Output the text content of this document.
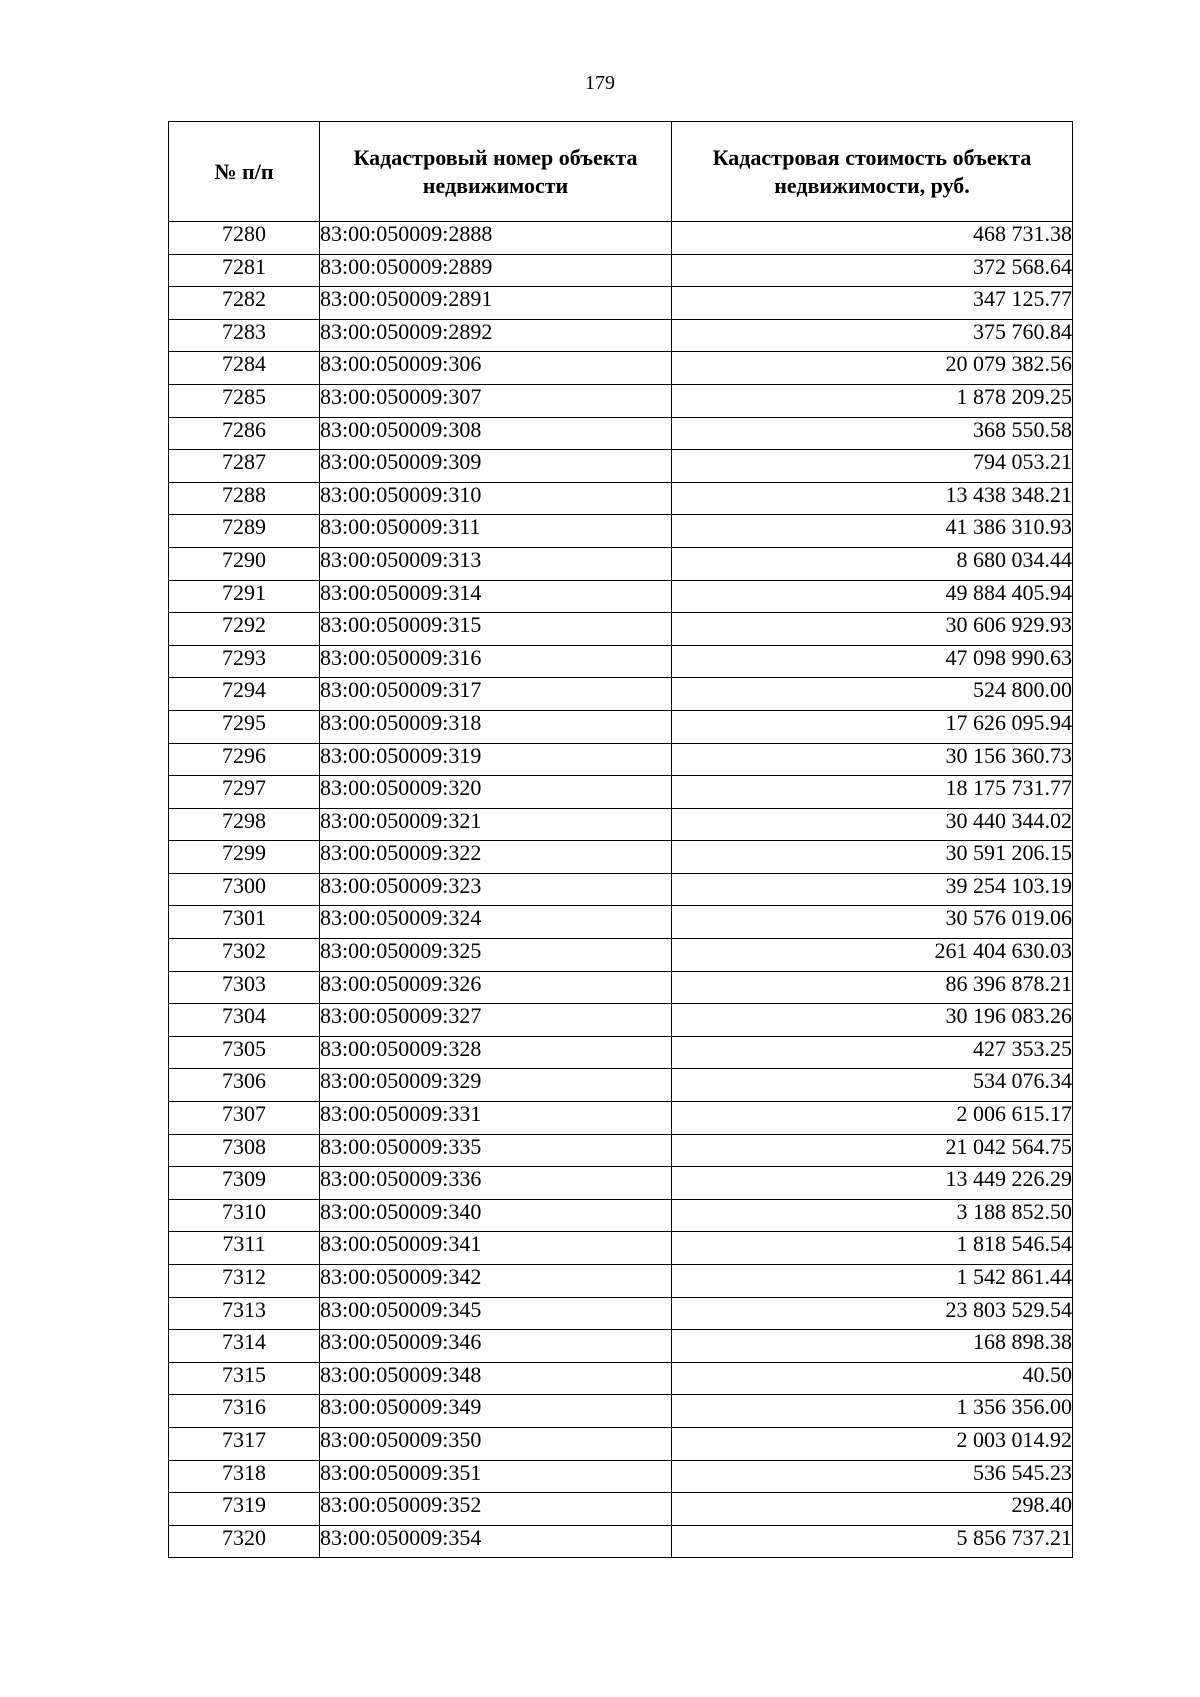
179
№ п/п	Кадастровый номер объекта недвижимости	Кадастровая стоимость объекта недвижимости, руб.
7280	83:00:050009:2888	468 731.38
7281	83:00:050009:2889	372 568.64
7282	83:00:050009:2891	347 125.77
7283	83:00:050009:2892	375 760.84
7284	83:00:050009:306	20 079 382.56
7285	83:00:050009:307	1 878 209.25
7286	83:00:050009:308	368 550.58
7287	83:00:050009:309	794 053.21
7288	83:00:050009:310	13 438 348.21
7289	83:00:050009:311	41 386 310.93
7290	83:00:050009:313	8 680 034.44
7291	83:00:050009:314	49 884 405.94
7292	83:00:050009:315	30 606 929.93
7293	83:00:050009:316	47 098 990.63
7294	83:00:050009:317	524 800.00
7295	83:00:050009:318	17 626 095.94
7296	83:00:050009:319	30 156 360.73
7297	83:00:050009:320	18 175 731.77
7298	83:00:050009:321	30 440 344.02
7299	83:00:050009:322	30 591 206.15
7300	83:00:050009:323	39 254 103.19
7301	83:00:050009:324	30 576 019.06
7302	83:00:050009:325	261 404 630.03
7303	83:00:050009:326	86 396 878.21
7304	83:00:050009:327	30 196 083.26
7305	83:00:050009:328	427 353.25
7306	83:00:050009:329	534 076.34
7307	83:00:050009:331	2 006 615.17
7308	83:00:050009:335	21 042 564.75
7309	83:00:050009:336	13 449 226.29
7310	83:00:050009:340	3 188 852.50
7311	83:00:050009:341	1 818 546.54
7312	83:00:050009:342	1 542 861.44
7313	83:00:050009:345	23 803 529.54
7314	83:00:050009:346	168 898.38
7315	83:00:050009:348	40.50
7316	83:00:050009:349	1 356 356.00
7317	83:00:050009:350	2 003 014.92
7318	83:00:050009:351	536 545.23
7319	83:00:050009:352	298.40
7320	83:00:050009:354	5 856 737.21
